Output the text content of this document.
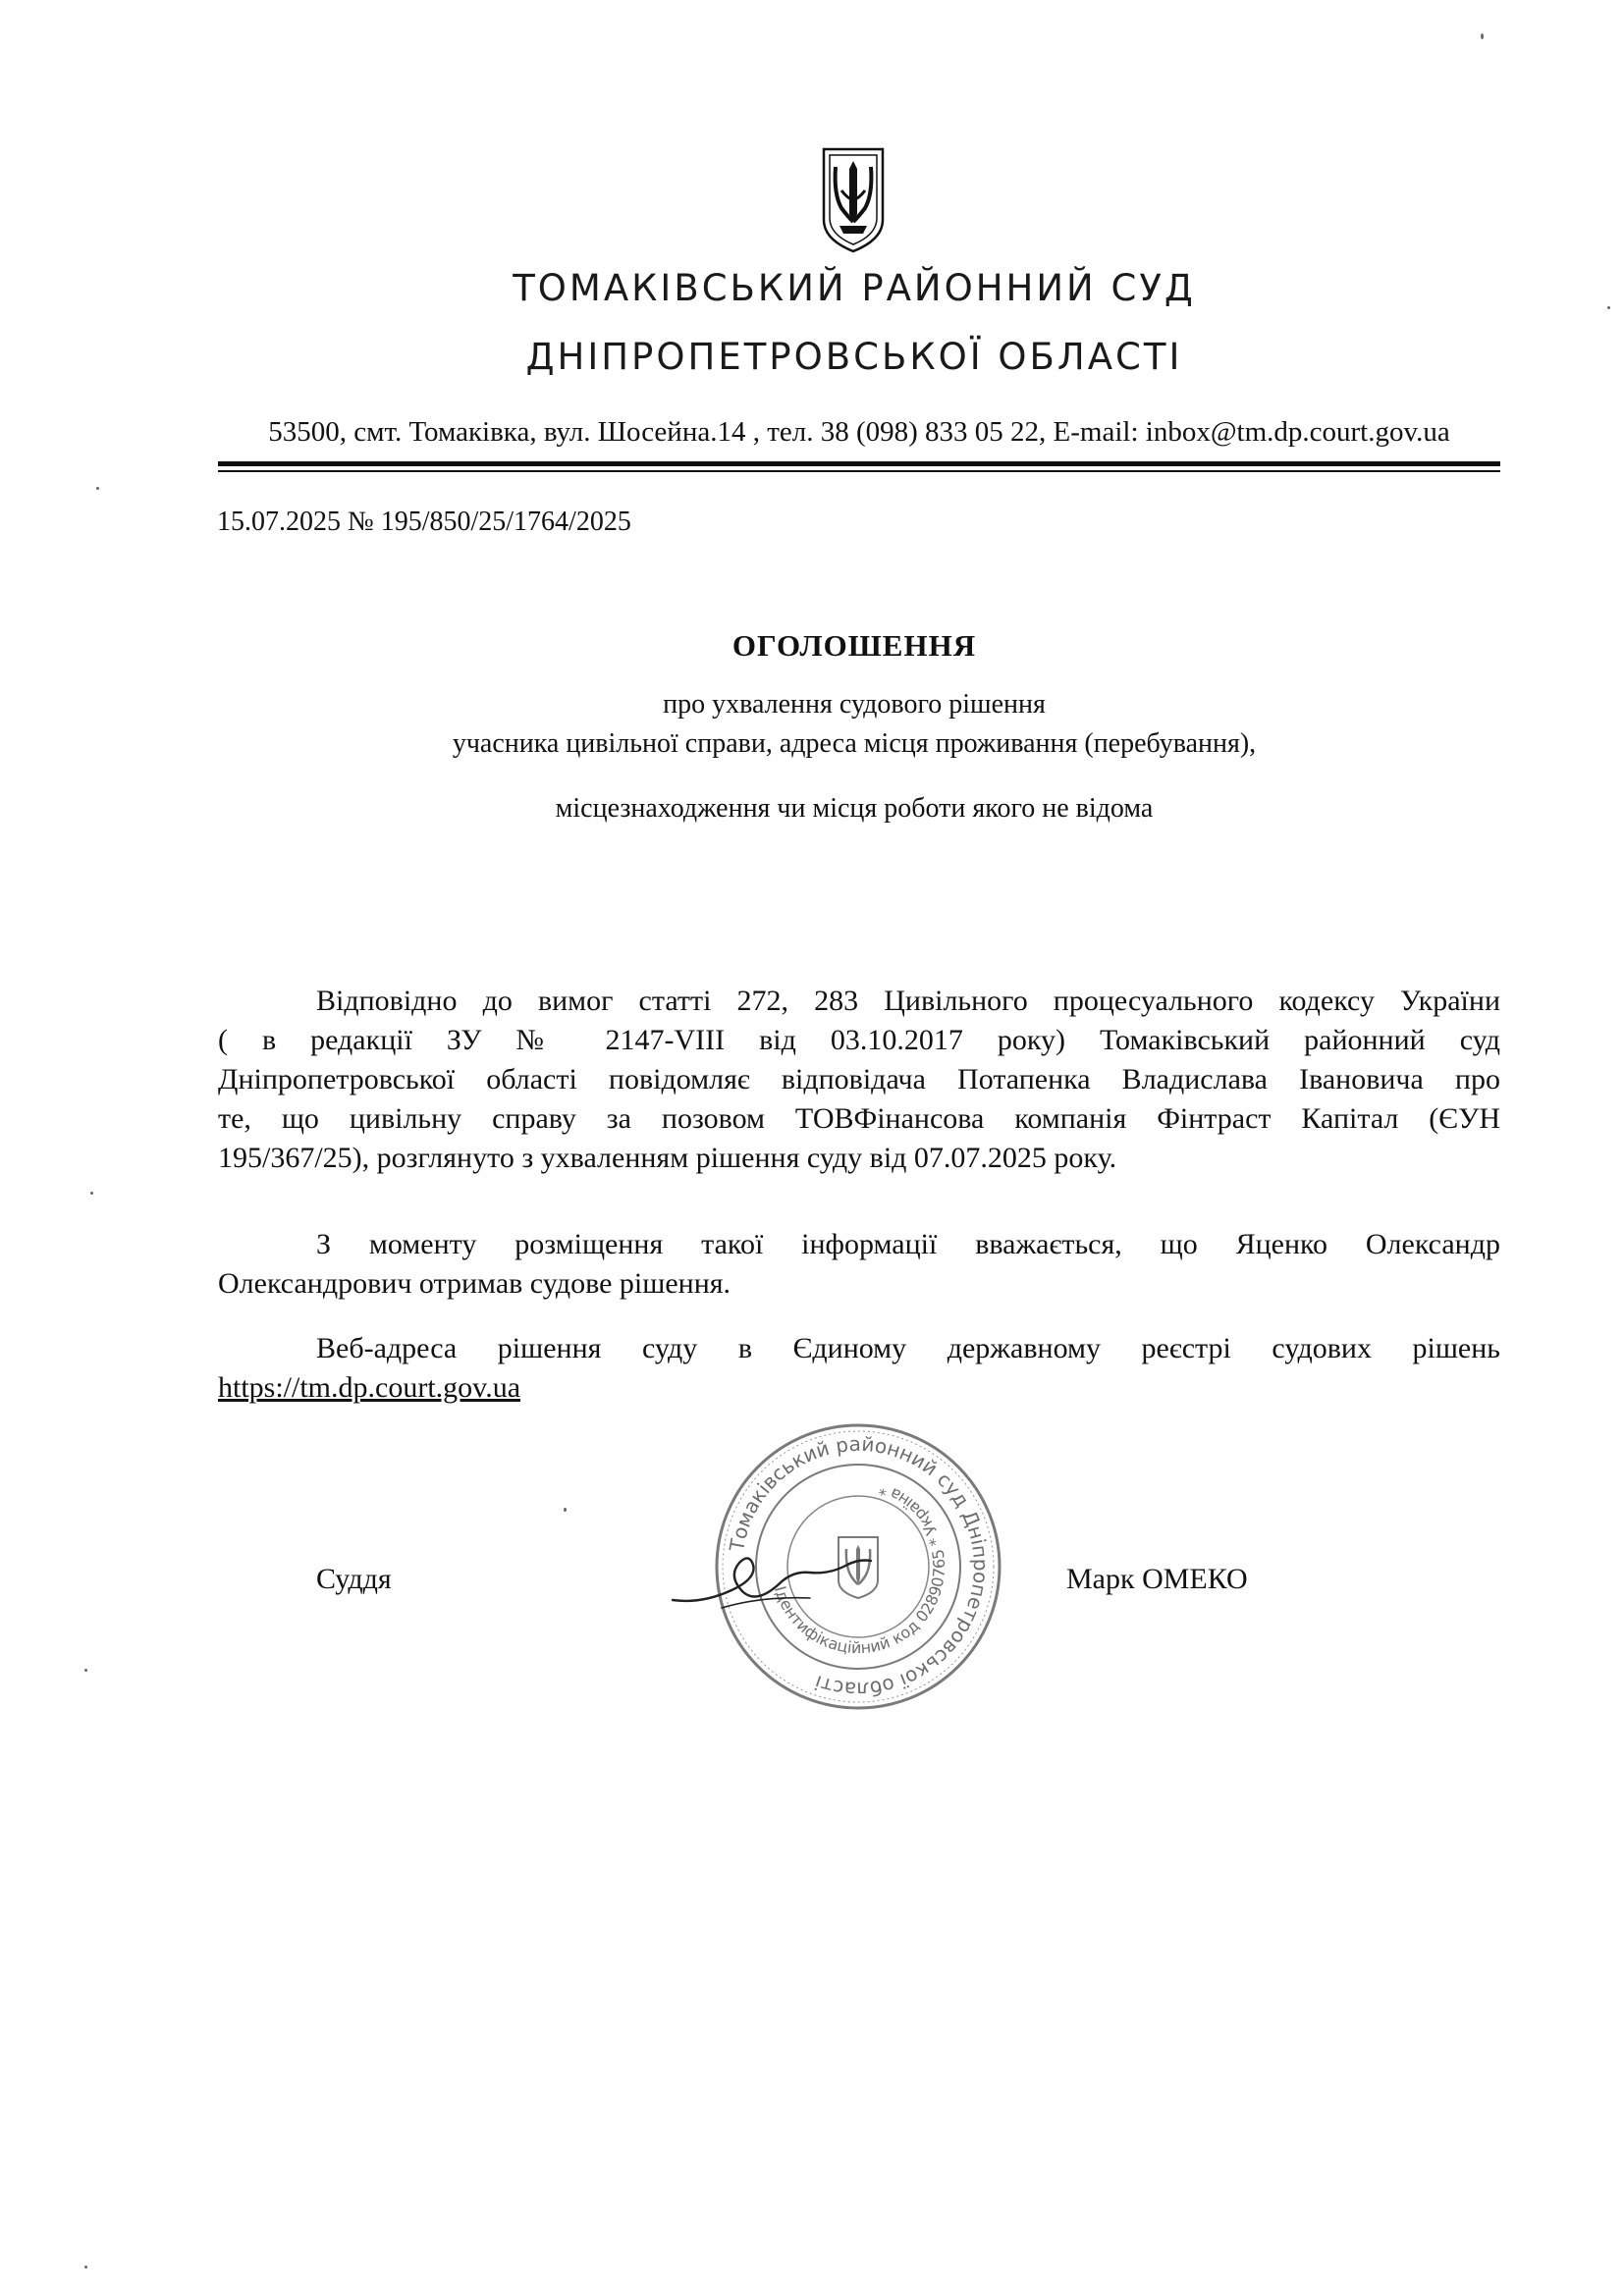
ТОМАКІВСЬКИЙ РАЙОННИЙ СУД
ДНІПРОПЕТРОВСЬКОЇ ОБЛАСТІ
53500, смт. Томаківка, вул. Шосейна.14 , тел. 38 (098) 833 05 22, E-mail: inbox@tm.dp.court.gov.ua
15.07.2025 № 195/850/25/1764/2025
ОГОЛОШЕННЯ
про ухвалення судового рішення
учасника цивільної справи, адреса місця проживання (перебування),
місцезнаходження чи місця роботи якого не відома
Відповідно до вимог статті 272, 283 Цивільного процесуального кодексу України
( в редакції ЗУ № 2147-VIII від 03.10.2017 року) Томаківський районний суд
Дніпропетровської області повідомляє відповідача Потапенка Владислава Івановича про
те, що цивільну справу за позовом ТОВФінансова компанія Фінтраст Капітал (ЄУН
195/367/25), розглянуто з ухваленням рішення суду від 07.07.2025 року.
З моменту розміщення такої інформації вважається, що Яценко Олександр
Олександрович отримав судове рішення.
Веб-адреса рішення суду в Єдиному державному реєстрі судових рішень
https://tm.dp.court.gov.ua
Суддя	Марк ОМЕКО
Томаківський районний суд Дніпропетровської області
Ідентифікаційний код 02890765 * Україна *
